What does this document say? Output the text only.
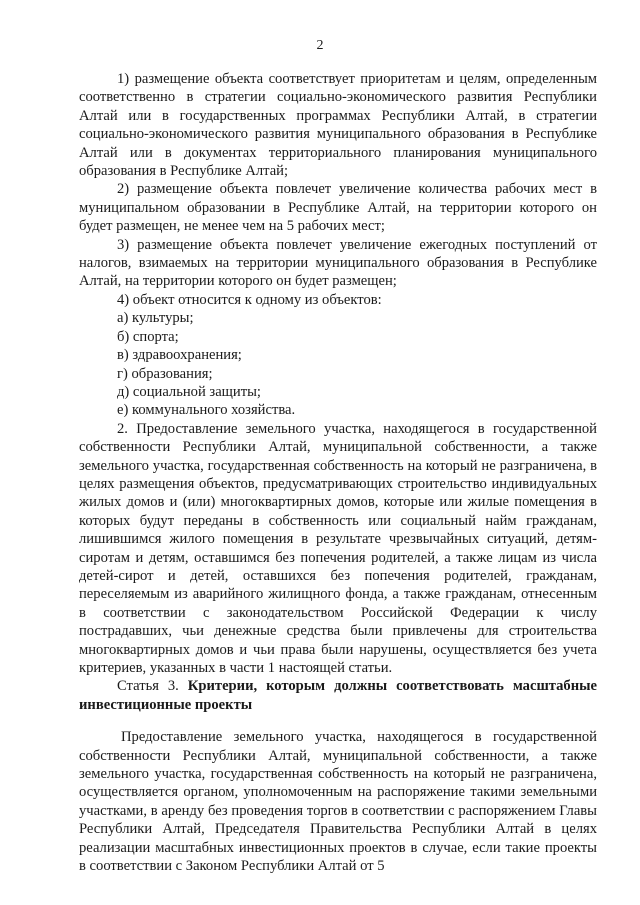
2

1) размещение объекта соответствует приоритетам и целям, определенным соответственно в стратегии социально-экономического развития Республики Алтай или в государственных программах Республики Алтай, в стратегии социально-экономического развития муниципального образования в Республике Алтай или в документах территориального планирования муниципального образования в Республике Алтай;

2) размещение объекта повлечет увеличение количества рабочих мест в муниципальном образовании в Республике Алтай, на территории которого он будет размещен, не менее чем на 5 рабочих мест;

3) размещение объекта повлечет увеличение ежегодных поступлений от налогов, взимаемых на территории муниципального образования в Республике Алтай, на территории которого он будет размещен;

4) объект относится к одному из объектов:

а) культуры;

б) спорта;

в) здравоохранения;

г) образования;

д) социальной защиты;

е) коммунального хозяйства.

2. Предоставление земельного участка, находящегося в государственной собственности Республики Алтай, муниципальной собственности, а также земельного участка, государственная собственность на который не разграничена, в целях размещения объектов, предусматривающих строительство индивидуальных жилых домов и (или) многоквартирных домов, которые или жилые помещения в которых будут переданы в собственность или социальный найм гражданам, лишившимся жилого помещения в результате чрезвычайных ситуаций, детям-сиротам и детям, оставшимся без попечения родителей, а также лицам из числа детей-сирот и детей, оставшихся без попечения родителей, гражданам, переселяемым из аварийного жилищного фонда, а также гражданам, отнесенным в соответствии с законодательством Российской Федерации к числу пострадавших, чьи денежные средства были привлечены для строительства многоквартирных домов и чьи права были нарушены, осуществляется без учета критериев, указанных в части 1 настоящей статьи.

Статья 3. Критерии, которым должны соответствовать масштабные инвестиционные проекты

Предоставление земельного участка, находящегося в государственной собственности Республики Алтай, муниципальной собственности, а также земельного участка, государственная собственность на который не разграничена, осуществляется органом, уполномоченным на распоряжение такими земельными участками, в аренду без проведения торгов в соответствии с распоряжением Главы Республики Алтай, Председателя Правительства Республики Алтай в целях реализации масштабных инвестиционных проектов в случае, если такие проекты в соответствии с Законом Республики Алтай от 5
